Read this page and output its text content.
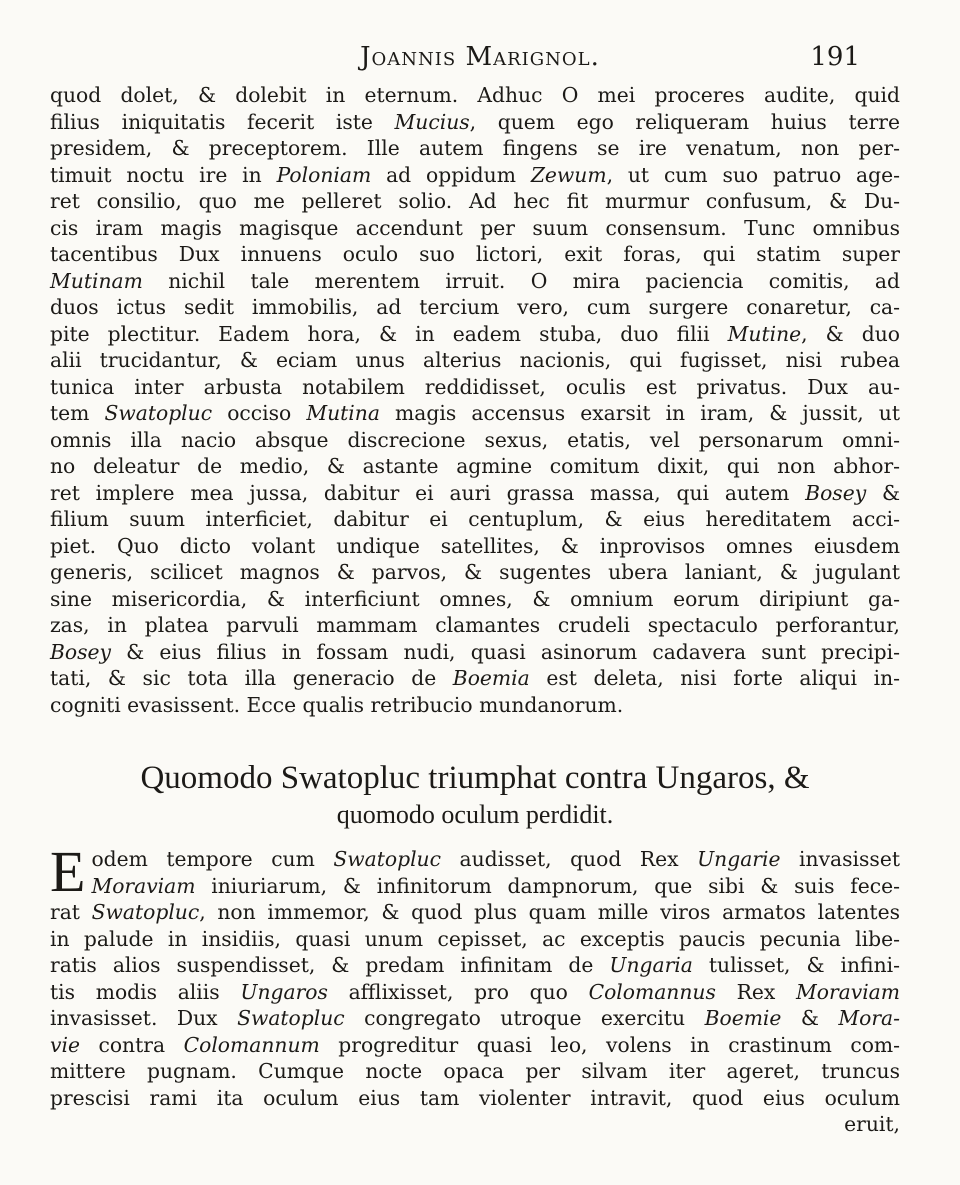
Joannis Marignol.	191
quod dolet, & dolebit in eternum. Adhuc O mei proceres audite, quid
filius iniquitatis fecerit iste Mucius, quem ego reliqueram huius terre
presidem, & preceptorem. Ille autem fingens se ire venatum, non per-
timuit noctu ire in Poloniam ad oppidum Zewum, ut cum suo patruo age-
ret consilio, quo me pelleret solio. Ad hec fit murmur confusum, & Du-
cis iram magis magisque accendunt per suum consensum. Tunc omnibus
tacentibus Dux innuens oculo suo lictori, exit foras, qui statim super
Mutinam nichil tale merentem irruit. O mira paciencia comitis, ad
duos ictus sedit immobilis, ad tercium vero, cum surgere conaretur, ca-
pite plectitur. Eadem hora, & in eadem stuba, duo filii Mutine, & duo
alii trucidantur, & eciam unus alterius nacionis, qui fugisset, nisi rubea
tunica inter arbusta notabilem reddidisset, oculis est privatus. Dux au-
tem Swatopluc occiso Mutina magis accensus exarsit in iram, & jussit, ut
omnis illa nacio absque discrecione sexus, etatis, vel personarum omni-
no deleatur de medio, & astante agmine comitum dixit, qui non abhor-
ret implere mea jussa, dabitur ei auri grassa massa, qui autem Bosey &
filium suum interficiet, dabitur ei centuplum, & eius hereditatem acci-
piet. Quo dicto volant undique satellites, & inprovisos omnes eiusdem
generis, scilicet magnos & parvos, & sugentes ubera laniant, & jugulant
sine misericordia, & interficiunt omnes, & omnium eorum diripiunt ga-
zas, in platea parvuli mammam clamantes crudeli spectaculo perforantur,
Bosey & eius filius in fossam nudi, quasi asinorum cadavera sunt precipi-
tati, & sic tota illa generacio de Boemia est deleta, nisi forte aliqui in-
cogniti evasissent. Ecce qualis retribucio mundanorum.
Quomodo Swatopluc triumphat contra Ungaros, &
quomodo oculum perdidit.
E odem tempore cum Swatopluc audisset, quod Rex Ungarie invasisset
Moraviam iniuriarum, & infinitorum dampnorum, que sibi & suis fece-
rat Swatopluc, non immemor, & quod plus quam mille viros armatos latentes
in palude in insidiis, quasi unum cepisset, ac exceptis paucis pecunia libe-
ratis alios suspendisset, & predam infinitam de Ungaria tulisset, & infini-
tis modis aliis Ungaros afflixisset, pro quo Colomannus Rex Moraviam
invasisset. Dux Swatopluc congregato utroque exercitu Boemie & Mora-
vie contra Colomannum progreditur quasi leo, volens in crastinum com-
mittere pugnam. Cumque nocte opaca per silvam iter ageret, truncus
prescisi rami ita oculum eius tam violenter intravit, quod eius oculum
eruit,
